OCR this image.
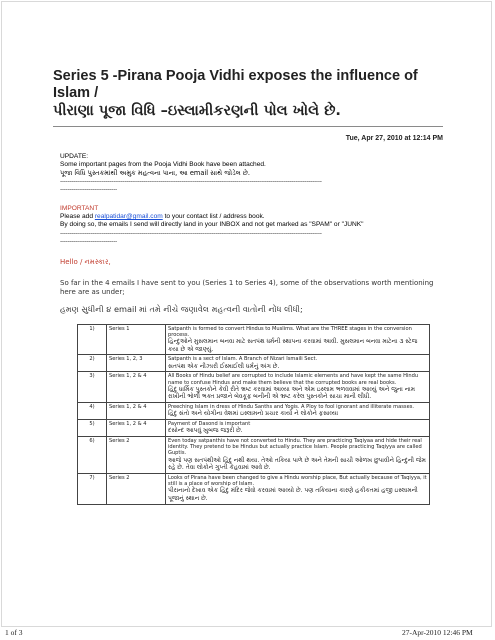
Series 5 -Pirana Pooja Vidhi exposes the influence of Islam /
પીરાણા પૂજા વિધિ –ઇસ્લામીકરણની પોલ ખોલે છે.
Tue, Apr 27, 2010 at 12:14 PM
UPDATE:
Some important pages from the Pooja Vidhi Book have been attached.
પૂજા વિધિ પુસ્તકમાંથી અમુક મહત્વના પાના, આ email સાથે જોડેલ છે.
------------------------------------------------------------------------------------------------------------------------------------------
------------------------------
IMPORTANT
Please add realpatidar@gmail.com to your contact list / address book.
By doing so, the emails I send will directly land in your INBOX and not get marked as "SPAM" or "JUNK"
------------------------------------------------------------------------------------------------------------------------------------------
------------------------------
Hello / નમસ્કાર,
So far in the 4 emails I have sent to you (Series 1 to Series 4), some of the observations worth mentioning here are as under;
હમણ સુધીની ૪ email માં તમે નીચે જણાવેલ મહત્વની વાતોની નોંધ લીધી;
1)	Series 1	Satpanth is formed to convert Hindus to Muslims. What are the THREE stages in the conversion process.
હિન્દુઓને મુસલમાન બનવા માટે સતપંથ ધર્મની સ્થાપના કરવામાં આવી. મુસલમાન બનવા માટેના ૩ સ્ટેજ કયા છે એ જાણ્યું.

2)	Series 1, 2, 3	Satpanth is a sect of Islam. A Branch of Nizari Ismaili Sect.
સતપંથ એક નીઝારી ઈસ્માઈલી ધર્મનું અંગ છે.

3)	Series 1, 2 & 4	All Books of Hindu belief are corrupted to include Islamic elements and have kept the same Hindu name to confuse Hindus and make them believe that the corrupted books are real books.
હિંદુ ધાર્મિક પુસ્તકોને કેવી રીતે ભ્રષ્ટ કરવામાં આવ્યા અને એમ ઇસ્લામ ભળવવામાં આવ્યું અને જુના નામ રાખીની ભોળી ભક્ત પ્રજાને બેવકૂફ બનીની એ ભ્રષ્ટ કરેલ પુસ્તકોને સાચા માની લીધી.

4)	Series 1, 2 & 4	Preeching Islam in dress of Hindu Sanths and Yogis. A Ploy to fool ignorant and illiterate masses.
હિંદુ સંતો અને યોગીના વેશમાં ઇસ્લામનો પ્રચાર કાર્યો ને લોકોને ફસાવ્યા

5)	Series 1, 2 & 4	Payment of Dasond is important
દસોન્દ આપવું ખુબજ જરૂરી છે.

6)	Series 2	Even today satpanthis have not converted to Hindu. They are practicing Taqiyaa and hide their real identity. They pretend to be Hindus but actually practice Islam. People practicing Taqiyya are called Guptis.
આજે પણ સતપંથીઓ હિંદુ નથી થયા. તેઓ તકિયા પાળે છે અને તેમની સાચી ઓળખ છુપાવીને હિન્દુની જેમ રહે છે. તેવા લોકોને ગુપ્તી કેહવામાં આવે છે.

7)	Series 2	Looks of Pirana have been changed to give a Hindu worship place, But actually because of Taqiyya, it still is a place of worship of Islam.
પીરાનાનો દેખાવ એક હિંદુ મંદિર જેવો કરવામાં આવ્યો છે. પણ તકિયાના કારણે હકીકતમાં હજી ઇસ્લામની પૂજાનું સ્થાન છે.
1 of 3	27-Apr-2010 12:46 PM
